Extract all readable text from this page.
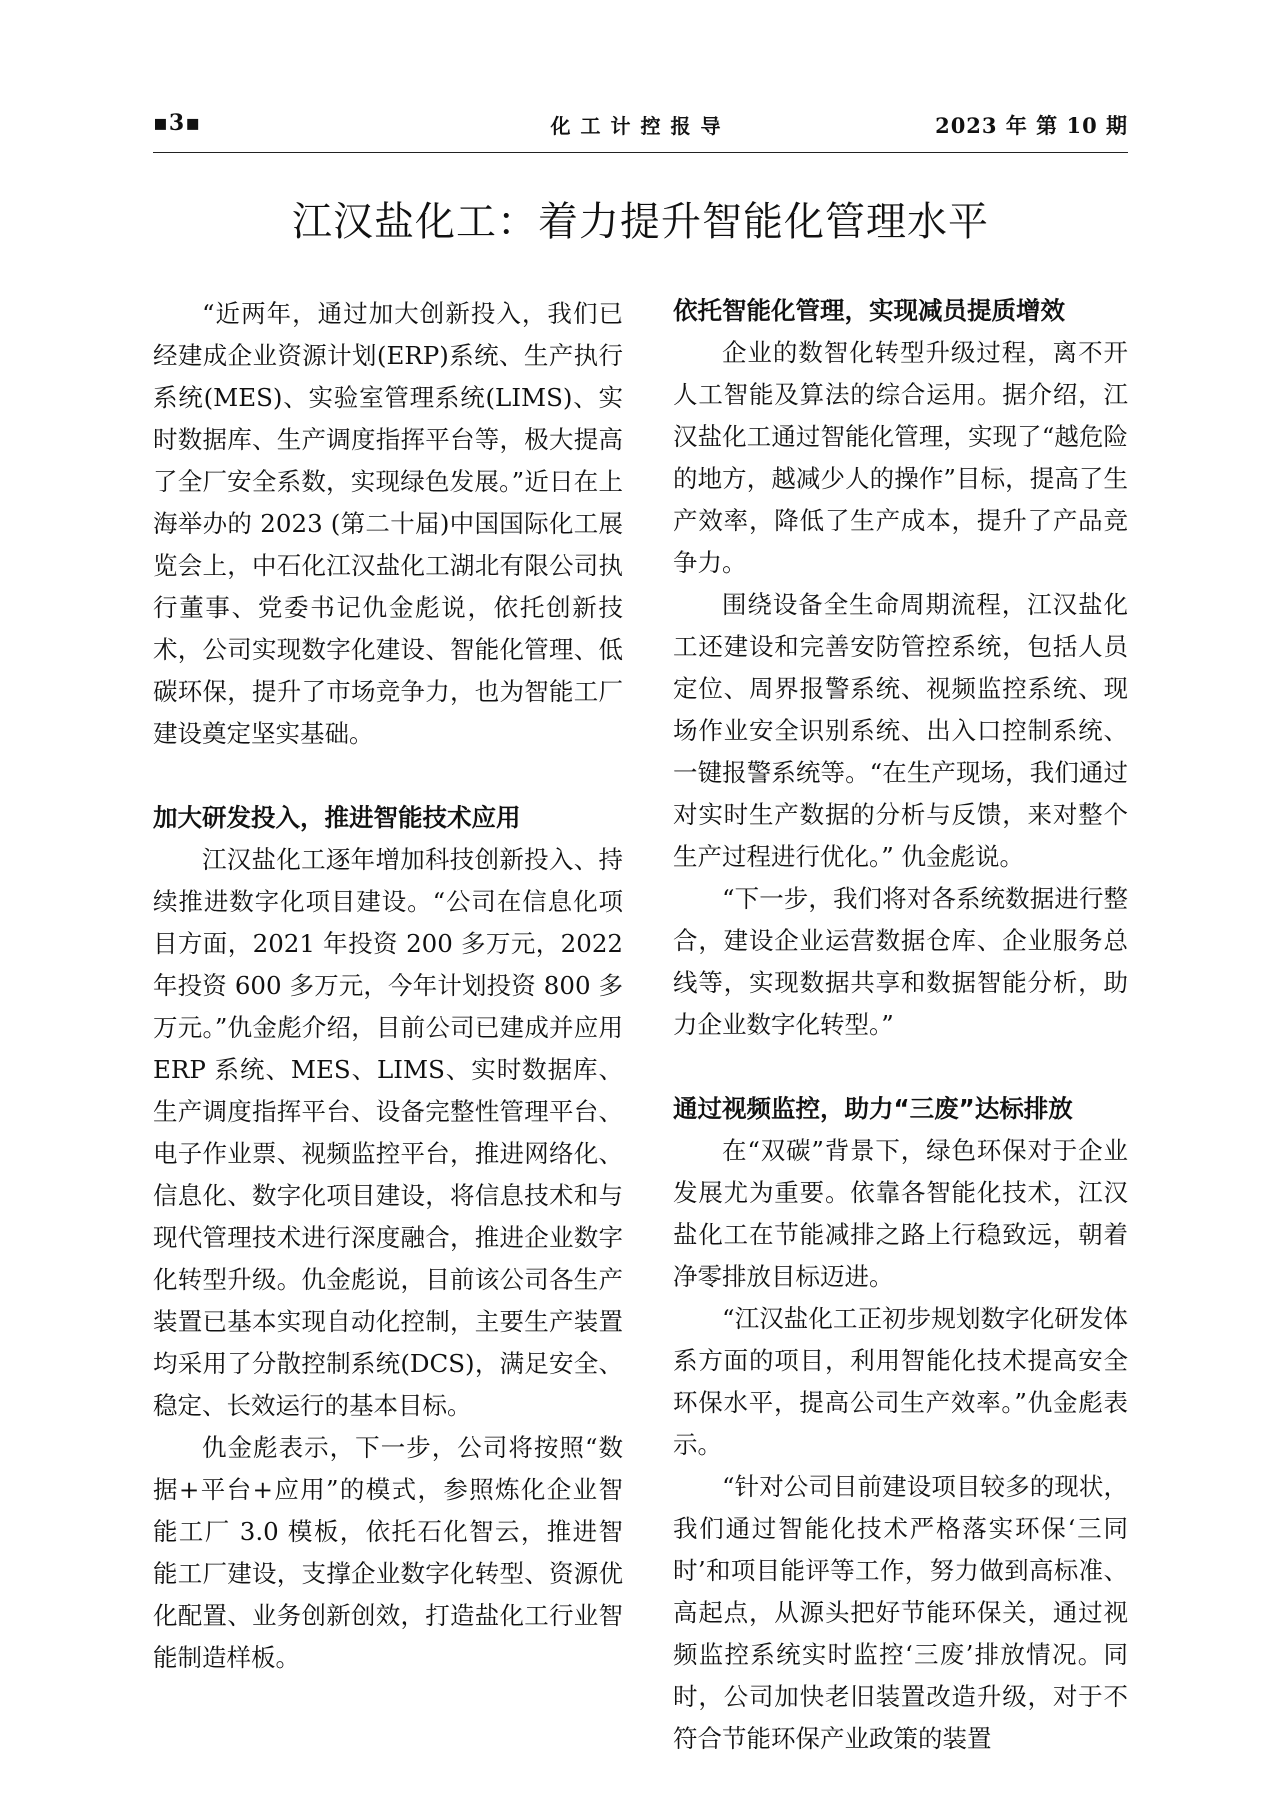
▪3▪	化工计控报导	2023 年 第 10 期
江汉盐化工：着力提升智能化管理水平

“近两年，通过加大创新投入，我们已经建成企业资源计划(ERP)系统、生产执行系统(MES)、实验室管理系统(LIMS)、实时数据库、生产调度指挥平台等，极大提高了全厂安全系数，实现绿色发展。”近日在上海举办的 2023 (第二十届)中国国际化工展览会上，中石化江汉盐化工湖北有限公司执行董事、党委书记仇金彪说，依托创新技术，公司实现数字化建设、智能化管理、低碳环保，提升了市场竞争力，也为智能工厂建设奠定坚实基础。

加大研发投入，推进智能技术应用

江汉盐化工逐年增加科技创新投入、持续推进数字化项目建设。“公司在信息化项目方面，2021 年投资 200 多万元，2022 年投资 600 多万元，今年计划投资 800 多万元。”仇金彪介绍，目前公司已建成并应用 ERP 系统、MES、LIMS、实时数据库、生产调度指挥平台、设备完整性管理平台、电子作业票、视频监控平台，推进网络化、信息化、数字化项目建设，将信息技术和与现代管理技术进行深度融合，推进企业数字化转型升级。仇金彪说，目前该公司各生产装置已基本实现自动化控制，主要生产装置均采用了分散控制系统(DCS)，满足安全、稳定、长效运行的基本目标。

仇金彪表示，下一步，公司将按照“数据+平台+应用”的模式，参照炼化企业智能工厂 3.0 模板，依托石化智云，推进智能工厂建设，支撑企业数字化转型、资源优化配置、业务创新创效，打造盐化工行业智能制造样板。

依托智能化管理，实现减员提质增效

企业的数智化转型升级过程，离不开人工智能及算法的综合运用。据介绍，江汉盐化工通过智能化管理，实现了“越危险的地方，越减少人的操作”目标，提高了生产效率，降低了生产成本，提升了产品竞争力。

围绕设备全生命周期流程，江汉盐化工还建设和完善安防管控系统，包括人员定位、周界报警系统、视频监控系统、现场作业安全识别系统、出入口控制系统、一键报警系统等。“在生产现场，我们通过对实时生产数据的分析与反馈，来对整个生产过程进行优化。” 仇金彪说。

“下一步，我们将对各系统数据进行整合，建设企业运营数据仓库、企业服务总线等，实现数据共享和数据智能分析，助力企业数字化转型。”

通过视频监控，助力“三废”达标排放

在“双碳”背景下，绿色环保对于企业发展尤为重要。依靠各智能化技术，江汉盐化工在节能减排之路上行稳致远，朝着净零排放目标迈进。

“江汉盐化工正初步规划数字化研发体系方面的项目，利用智能化技术提高安全环保水平，提高公司生产效率。”仇金彪表示。

“针对公司目前建设项目较多的现状，我们通过智能化技术严格落实环保‘三同时’和项目能评等工作，努力做到高标准、高起点，从源头把好节能环保关，通过视频监控系统实时监控‘三废’排放情况。同时，公司加快老旧装置改造升级，对于不符合节能环保产业政策的装置
